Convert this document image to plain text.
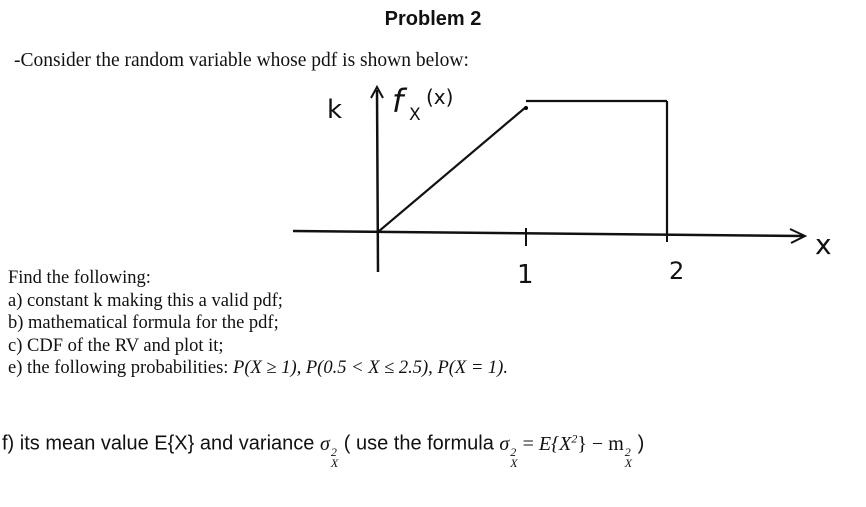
Problem 2
-Consider the random variable whose pdf is shown below:
k f X
(x)
x
1	2
Find the following:
a) constant k making this a valid pdf;
b) mathematical formula for the pdf;
c) CDF of the RV and plot it;
e) the following probabilities: P(X ≥ 1), P(0.5 < X ≤ 2.5), P(X = 1).
f) its mean value E{X} and variance σ 2
X
( use the formula σ 2
X
= $E\{X^2\} - m$ 2
X
)
